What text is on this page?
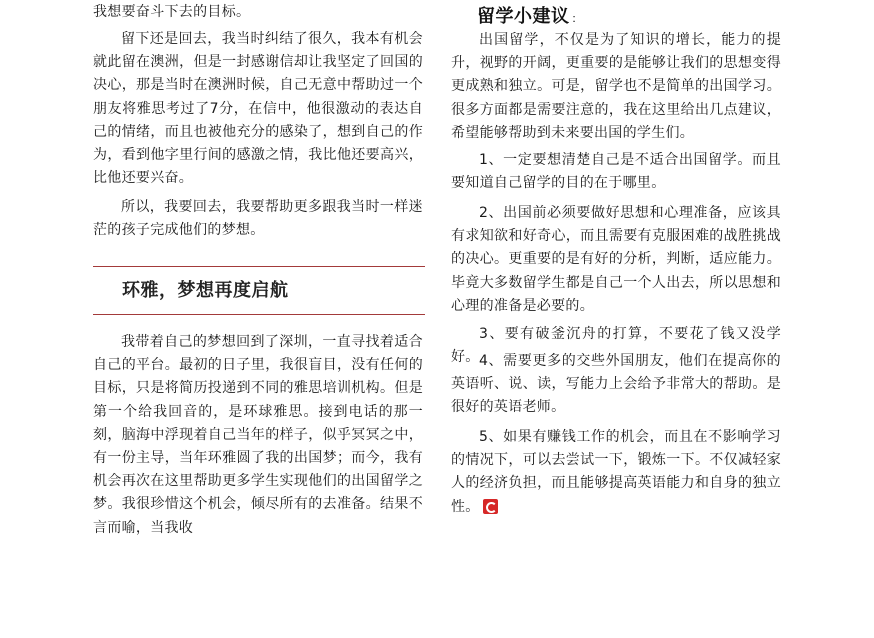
我想要奋斗下去的目标。

留下还是回去，我当时纠结了很久，我本有机会就此留在澳洲，但是一封感谢信却让我坚定了回国的决心，那是当时在澳洲时候，自己无意中帮助过一个朋友将雅思考过了7分，在信中，他很激动的表达自己的情绪，而且也被他充分的感染了，想到自己的作为，看到他字里行间的感激之情，我比他还要高兴，比他还要兴奋。

所以，我要回去，我要帮助更多跟我当时一样迷茫的孩子完成他们的梦想。

我带着自己的梦想回到了深圳，一直寻找着适合自己的平台。最初的日子里，我很盲目，没有任何的目标，只是将简历投递到不同的雅思培训机构。但是第一个给我回音的，是环球雅思。接到电话的那一刻，脑海中浮现着自己当年的样子，似乎冥冥之中，有一份主导，当年环雅圆了我的出国梦；而今，我有机会再次在这里帮助更多学生实现他们的出国留学之梦。我很珍惜这个机会，倾尽所有的去准备。结果不言而喻，当我收

环雅，梦想再度启航
留学小建议 ：

出国留学，不仅是为了知识的增长，能力的提升，视野的开阔，更重要的是能够让我们的思想变得更成熟和独立。可是，留学也不是简单的出国学习。很多方面都是需要注意的，我在这里给出几点建议，希望能够帮助到未来要出国的学生们。

1、一定要想清楚自己是不适合出国留学。而且要知道自己留学的目的在于哪里。

2、出国前必须要做好思想和心理准备，应该具有求知欲和好奇心，而且需要有克服困难的战胜挑战的决心。更重要的是有好的分析，判断，适应能力。毕竟大多数留学生都是自己一个人出去，所以思想和心理的准备是必要的。

3、要有破釜沉舟的打算，不要花了钱又没学好。 4、需要更多的交些外国朋友，他们在提高你的英语听、说、读，写能力上会给予非常大的帮助。是很好的英语老师。

5、如果有赚钱工作的机会，而且在不影响学习的情况下，可以去尝试一下，锻炼一下。不仅减轻家人的经济负担，而且能够提高英语能力和自身的独立性。
